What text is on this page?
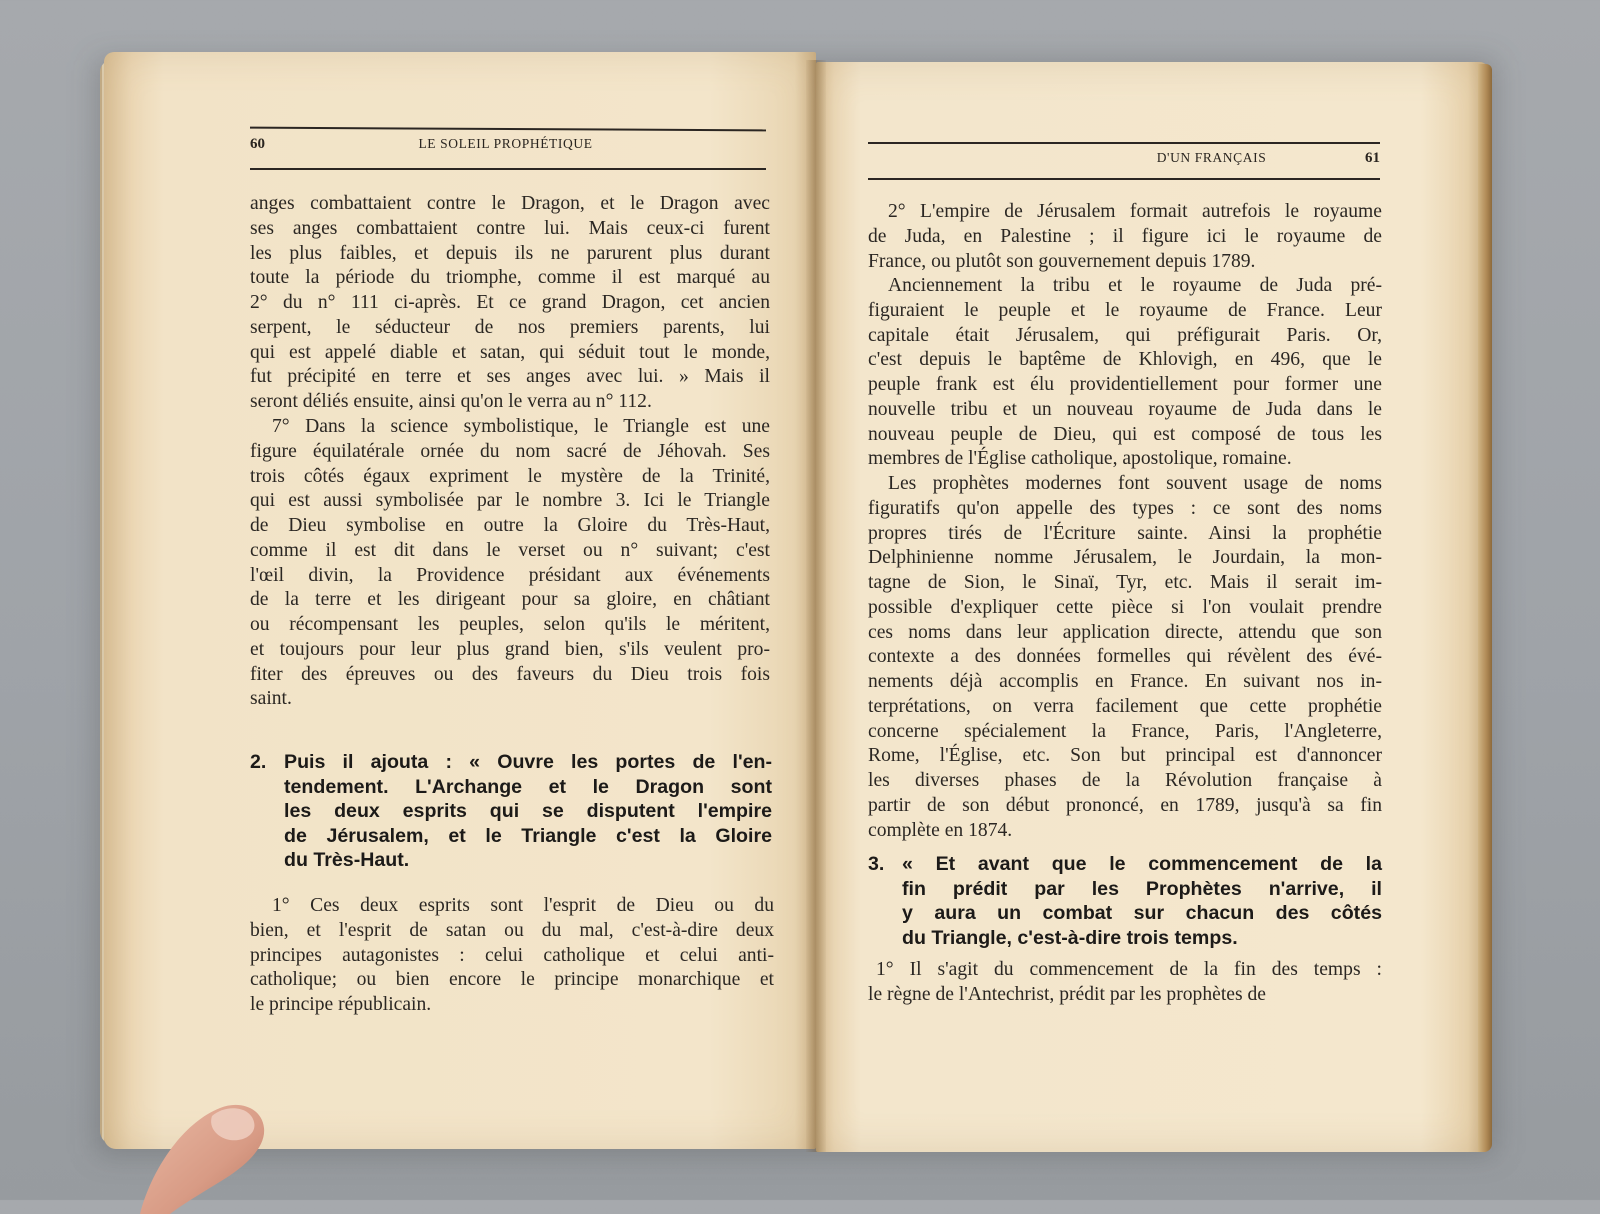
60	LE SOLEIL PROPHÉTIQUE
anges combattaient contre le Dragon, et le Dragon avec
ses anges combattaient contre lui. Mais ceux-ci furent
les plus faibles, et depuis ils ne parurent plus durant
toute la période du triomphe, comme il est marqué au
2° du n° 111 ci-après. Et ce grand Dragon, cet ancien
serpent, le séducteur de nos premiers parents, lui
qui est appelé diable et satan, qui séduit tout le monde,
fut précipité en terre et ses anges avec lui. » Mais il
seront déliés ensuite, ainsi qu'on le verra au n° 112.
7° Dans la science symbolistique, le Triangle est une
figure équilatérale ornée du nom sacré de Jéhovah. Ses
trois côtés égaux expriment le mystère de la Trinité,
qui est aussi symbolisée par le nombre 3. Ici le Triangle
de Dieu symbolise en outre la Gloire du Très-Haut,
comme il est dit dans le verset ou n° suivant; c'est
l'œil divin, la Providence présidant aux événements
de la terre et les dirigeant pour sa gloire, en châtiant
ou récompensant les peuples, selon qu'ils le méritent,
et toujours pour leur plus grand bien, s'ils veulent pro-
fiter des épreuves ou des faveurs du Dieu trois fois
saint.
2. Puis il ajouta : « Ouvre les portes de l'en-
tendement. L'Archange et le Dragon sont
les deux esprits qui se disputent l'empire
de Jérusalem, et le Triangle c'est la Gloire
du Très-Haut.
1° Ces deux esprits sont l'esprit de Dieu ou du
bien, et l'esprit de satan ou du mal, c'est-à-dire deux
principes autagonistes : celui catholique et celui anti-
catholique; ou bien encore le principe monarchique et
le principe républicain.
D'UN FRANÇAIS	61
2° L'empire de Jérusalem formait autrefois le royaume
de Juda, en Palestine ; il figure ici le royaume de
France, ou plutôt son gouvernement depuis 1789.
Anciennement la tribu et le royaume de Juda pré-
figuraient le peuple et le royaume de France. Leur
capitale était Jérusalem, qui préfigurait Paris. Or,
c'est depuis le baptême de Khlovigh, en 496, que le
peuple frank est élu providentiellement pour former une
nouvelle tribu et un nouveau royaume de Juda dans le
nouveau peuple de Dieu, qui est composé de tous les
membres de l'Église catholique, apostolique, romaine.
Les prophètes modernes font souvent usage de noms
figuratifs qu'on appelle des types : ce sont des noms
propres tirés de l'Écriture sainte. Ainsi la prophétie
Delphinienne nomme Jérusalem, le Jourdain, la mon-
tagne de Sion, le Sinaï, Tyr, etc. Mais il serait im-
possible d'expliquer cette pièce si l'on voulait prendre
ces noms dans leur application directe, attendu que son
contexte a des données formelles qui révèlent des évé-
nements déjà accomplis en France. En suivant nos in-
terprétations, on verra facilement que cette prophétie
concerne spécialement la France, Paris, l'Angleterre,
Rome, l'Église, etc. Son but principal est d'annoncer
les diverses phases de la Révolution française à
partir de son début prononcé, en 1789, jusqu'à sa fin
complète en 1874.
3. « Et avant que le commencement de la
fin prédit par les Prophètes n'arrive, il
y aura un combat sur chacun des côtés
du Triangle, c'est-à-dire trois temps.
1° Il s'agit du commencement de la fin des temps :
le règne de l'Antechrist, prédit par les prophètes de
